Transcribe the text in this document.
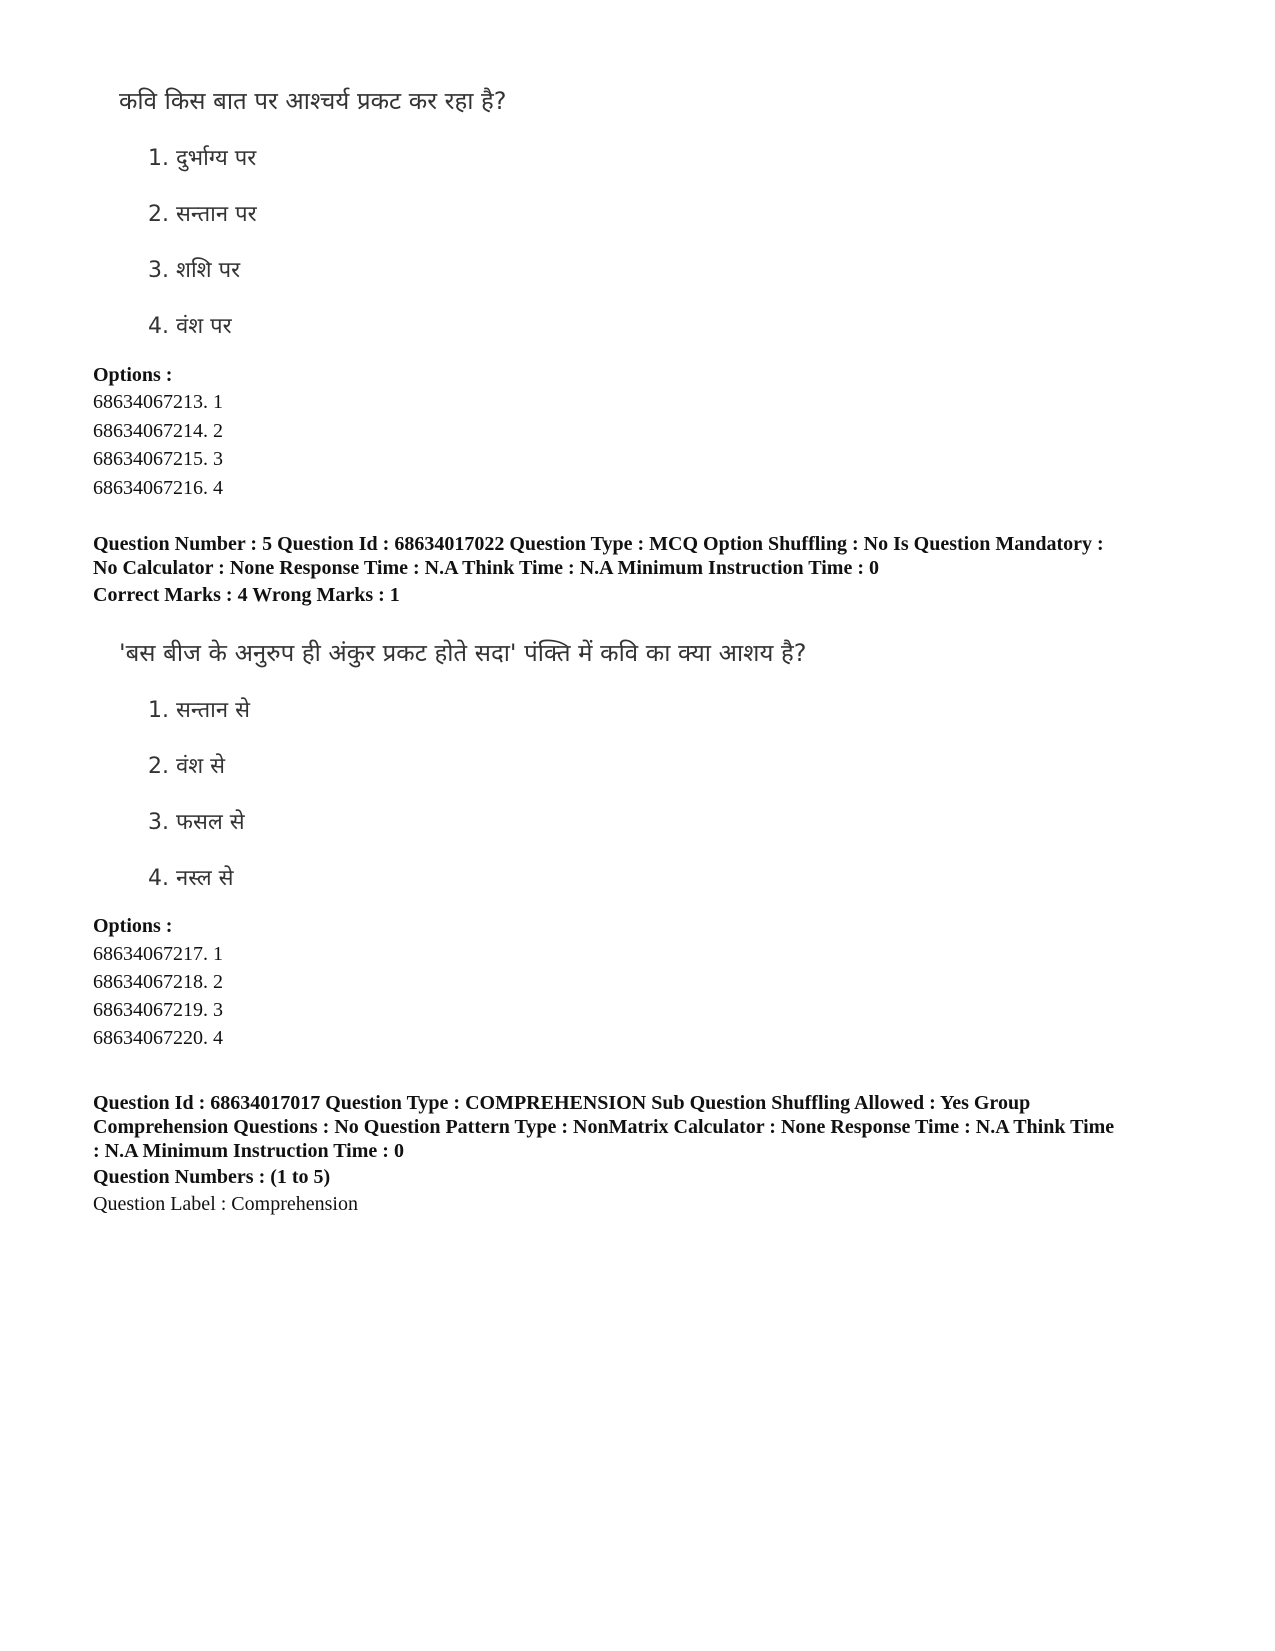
कवि किस बात पर आश्चर्य प्रकट कर रहा है?
1. दुर्भाग्य पर
2. सन्तान पर
3. शशि पर
4. वंश पर
Options :
68634067213. 1
68634067214. 2
68634067215. 3
68634067216. 4
Question Number : 5 Question Id : 68634017022 Question Type : MCQ Option Shuffling : No Is Question Mandatory :
No Calculator : None Response Time : N.A Think Time : N.A Minimum Instruction Time : 0
Correct Marks : 4 Wrong Marks : 1
'बस बीज के अनुरुप ही अंकुर प्रकट होते सदा' पंक्ति में कवि का क्या आशय है?
1. सन्तान से
2. वंश से
3. फसल से
4. नस्ल से
Options :
68634067217. 1
68634067218. 2
68634067219. 3
68634067220. 4
Question Id : 68634017017 Question Type : COMPREHENSION Sub Question Shuffling Allowed : Yes Group
Comprehension Questions : No Question Pattern Type : NonMatrix Calculator : None Response Time : N.A Think Time
: N.A Minimum Instruction Time : 0
Question Numbers : (1 to 5)
Question Label : Comprehension
